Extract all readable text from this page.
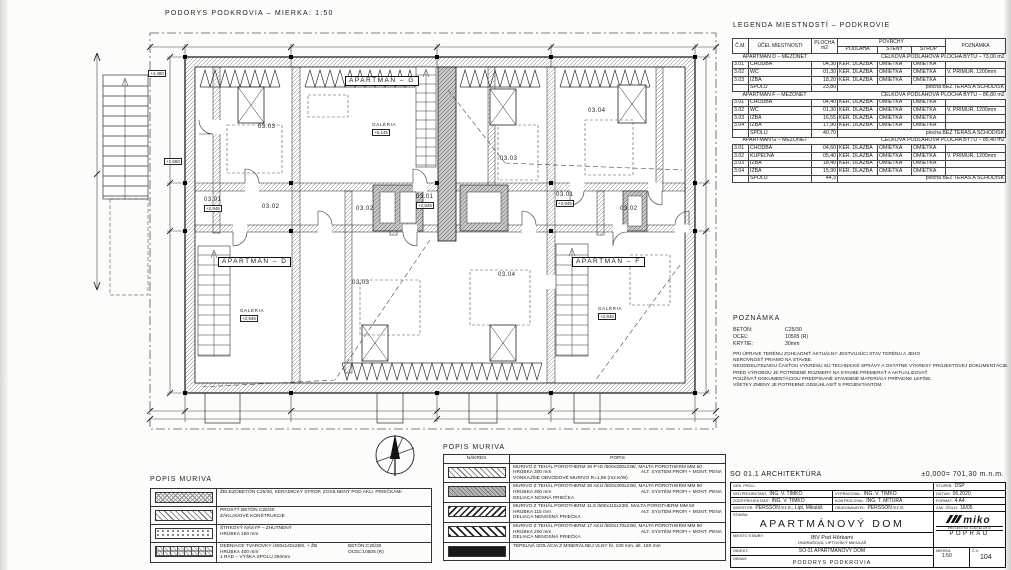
PODORYS PODKROVIA – MIERKA: 1:50
APARTMÁN – G
APARTMÁN – D	APARTMÁN – F
03.03
03.03
03.04
03.01
03.02	03.02
03.01	03.01
03.02
03.03
03.04
+2,945
+2,945	+2,945
GALÉRIA
+5,145
GALÉRIA
+2,945
GALÉRIA
+2,945
+4,480
+2,660
LEGENDA MIESTNOSTÍ – PODKROVIE
Č.M.	ÚČEL MIESTNOSTI	PLOCHA
m2	POVRCHY			POZNÁMKA
			PODLAHA	STENY	STROP	
APARTMÁN D – MEZONET			CELKOVÁ PODLAHOVÁ PLOCHA BYTU – 73,00 m2			
3.01	CHODBA	04,30	KER. DLAŽBA	OMIETKA	OMIETKA	
3.02	WC	01,30	KER. DLAŽBA	OMIETKA	OMIETKA	V. PRÍMUR, 1200mm
3.03	IZBA	18,20	KER. DLAŽBA	OMIETKA	OMIETKA	
	SPOLU	23,80	plocha BEZ TERÁS A SCHODÍSK			
APARTMÁN F – MEZONET			CELKOVÁ PODLAHOVÁ PLOCHA BYTU – 86,80 m2			
3.01	CHODBA	04,40	KER. DLAŽBA	OMIETKA	OMIETKA	
3.02	WC	01,30	KER. DLAŽBA	OMIETKA	OMIETKA	V. PRÍMUR, 1200mm
3.03	IZBA	16,55	KER. DLAŽBA	OMIETKA	OMIETKA	
3.04	IZBA	17,90	KER. DLAŽBA	OMIETKA	OMIETKA	
	SPOLU	40,70	plocha BEZ TERÁS A SCHODÍSK			
APARTMÁN G – MEZONET			CELKOVÁ PODLAHOVÁ PLOCHA BYTU – 85,40 m2			
3.01	CHODBA	04,60	KER. DLAŽBA	OMIETKA	OMIETKA	
3.02	KÚPEĽŇA	05,40	KER. DLAŽBA	OMIETKA	OMIETKA	V. PRÍMUR, 1200mm
3.03	IZBA	18,40	KER. DLAŽBA	OMIETKA	OMIETKA	
3.04	IZBA	15,90	KER. DLAŽBA	OMIETKA	OMIETKA	
	SPOLU	44,3	plocha BEZ TERÁS A SCHODÍSK			
POZNÁMKA
BETÓN:	C25/30
OCEĽ:	10505 (R)
KRYTIE:	30mm
PRI ÚPRAVE TERÉNU ZOHĽADNIŤ AKTUÁLNY JESTVUJÚCI STAV TERÉNU A JEHO
NEROVNOSŤ PRIAMO NA STAVBE.
NEODDELITEĽNOU ČASŤOU VÝKRESU SÚ TECHNICKÉ SPRÁVY A OSTATNÉ VÝKRESY PROJEKTOVEJ DOKUMENTÁCIE.
PRED VÝROBOU JE POTREBNÉ ROZMERY NA STAVBE PREMERAŤ A AKTUALIZOVAŤ.
POUŽÍVAŤ DOKUMENTÁCIOU PREDPÍSANÉ STAVEBNÉ MATERIÁLY PRÍPADNE LEPŠIE.
VŠETKY ZMENY JE POTREBNÉ ODSÚHLASIŤ S PROJEKTANTOM.
POPIS MURIVA
	ŽELEZOBETÓN C25/30, KERAMICKÝ STROP, ZOSILNENÝ POD AKU. PRIEČKAMI

	PROSTÝ BETÓN C25/30
ZÁKLADOVÉ KONŠTRUKCIE

	ŠTRKOVÝ NÁSYP – ZHUTNENÝ
HRÚBKA 150 mm

	BETÓN:C25/30
OCEĽ:10505 (R)
DEBNIACE TVAROVKY /400x140x250/, + ŽB
HRÚBKA 400 mm
1 RAD – VÝŠKA SPOLU 250mm
POPIS MURIVA
NÁKRES	POPIS

	MURIVO Z TEHÁL POROTHERM 30 P+D /500x300x238/, MALTA POROTHERM MM 50

ALT. SYSTÉM PROFI + MONT. PENA
HRÚBKA 300 mm
VONKAJŠIE OBVODOVÉ MURIVO R=1,85 (m2.K/W)

	MURIVO Z TEHÁL POROTHERM 30 AKU /500x300x238/, MALTA POROTHERM MM 50

ALT. SYSTÉM PROFI + MONT. PENA
HRÚBKA 300 mm
DELIACA NOSNÁ PRIEČKA

	MURIVO Z TEHÁL POROTHERM 11,5 /500x115x238/, MALTA POROTHERM MM 50

ALT. SYSTÉM PROFI + MONT. PENA
HRÚBKA 115 mm
DELIACA NENOSNÁ PRIEČKA

	MURIVO Z TEHÁL POROTHERM 17 AKU /500x170x238/, MALTA POROTHERM MM 50

ALT. SYSTÉM PROFI + MONT. PENA
HRÚBKA 200 mm
DELIACA NENOSNÁ PRIEČKA

	TEPELNÁ IZOLÁCIA Z MINERÁLNEJ VLNY hr. 100 mm, alt. 150 mm
SO 01.1 ARCHITEKTÚRA	±0,000= 701,30 m.n.m.
GEN. PROJ.:	STUPEŇ: DSP
VED.PROJEKTANT: ING. V. TIMKO	VYPRACOVAL: ING. V. TIMKO	DÁTUM: 06.2020
ZODP.PROJEKTANT: ING. V. TIMKO	KONTROLOVAL: ING. T. MITURA	FORMÁT: 4 A4
INVESTOR: PERSSON s.r.o., Lipt. Mikuláš	OBJEDNÁVATEĽ: PERSSON s.r.o.	ZÁK. ČÍSLO: 16/05
STAVBA:
APARTMÁNOVÝ DOM	miko
PROJEKČNÁ KANCELÁRIA
POPRAD
MIESTO STAVBY:	IBV Pod Hôrkami
ONDRAŠOVÁ, LIPTOVSKÝ MIKULÁŠ
OBJEKT:	SO 01 APARTMÁNOVÝ DOM
OBSAH:
PODORYS PODKROVIA
MIERKA
1:50
Č.V.
104
